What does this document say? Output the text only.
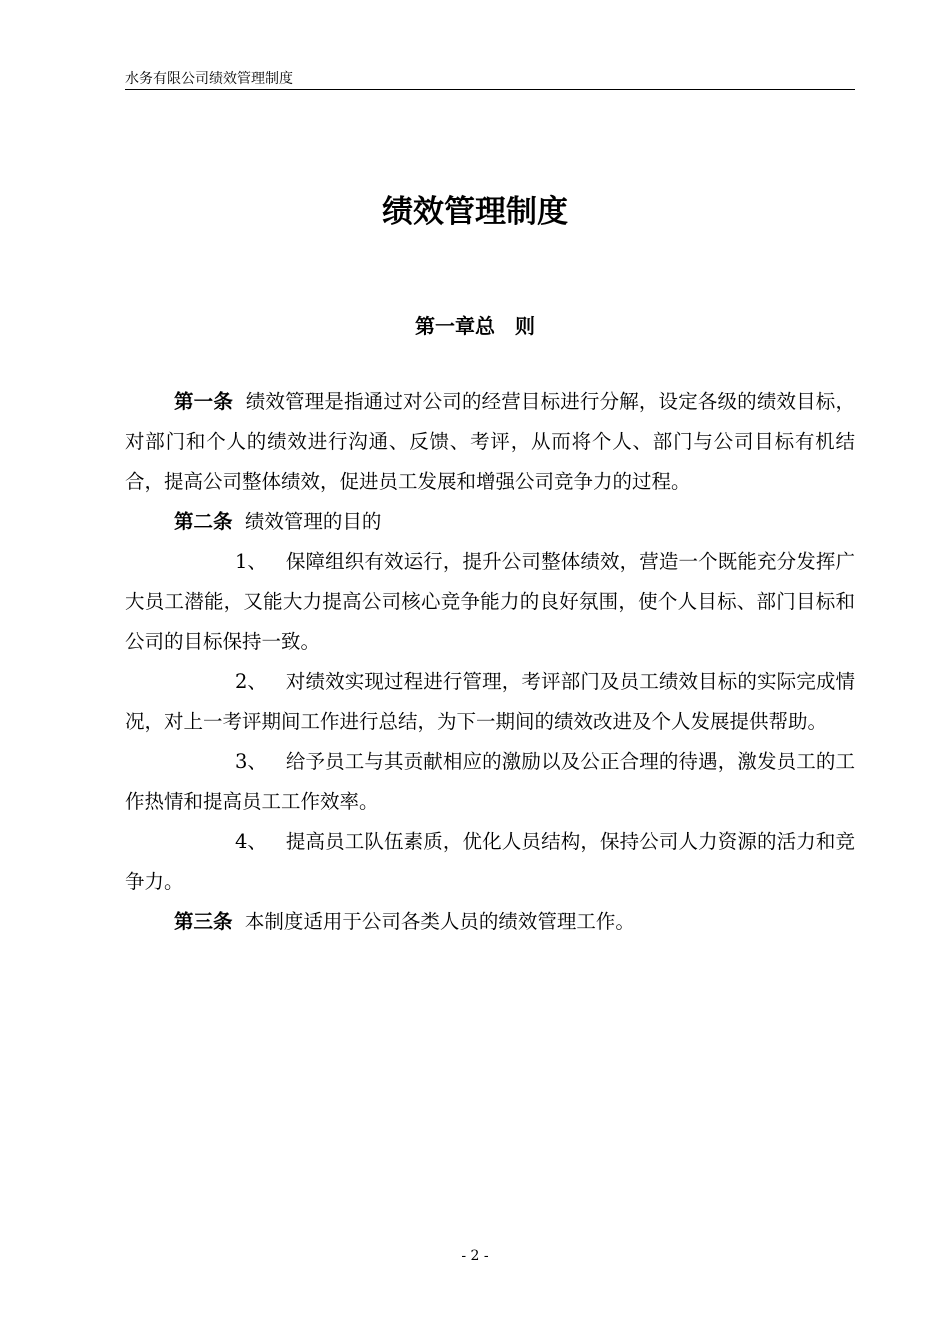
水务有限公司绩效管理制度
绩效管理制度
第一章总　则

第一条 绩效管理是指通过对公司的经营目标进行分解，设定各级的绩效目标，对部门和个人的绩效进行沟通、反馈、考评，从而将个人、部门与公司目标有机结合，提高公司整体绩效，促进员工发展和增强公司竞争力的过程。

第二条 绩效管理的目的

1、 保障组织有效运行，提升公司整体绩效，营造一个既能充分发挥广大员工潜能，又能大力提高公司核心竞争能力的良好氛围，使个人目标、部门目标和公司的目标保持一致。

2、 对绩效实现过程进行管理，考评部门及员工绩效目标的实际完成情况，对上一考评期间工作进行总结，为下一期间的绩效改进及个人发展提供帮助。

3、 给予员工与其贡献相应的激励以及公正合理的待遇，激发员工的工作热情和提高员工工作效率。

4、 提高员工队伍素质，优化人员结构，保持公司人力资源的活力和竞争力。

第三条 本制度适用于公司各类人员的绩效管理工作。

- 2 -
